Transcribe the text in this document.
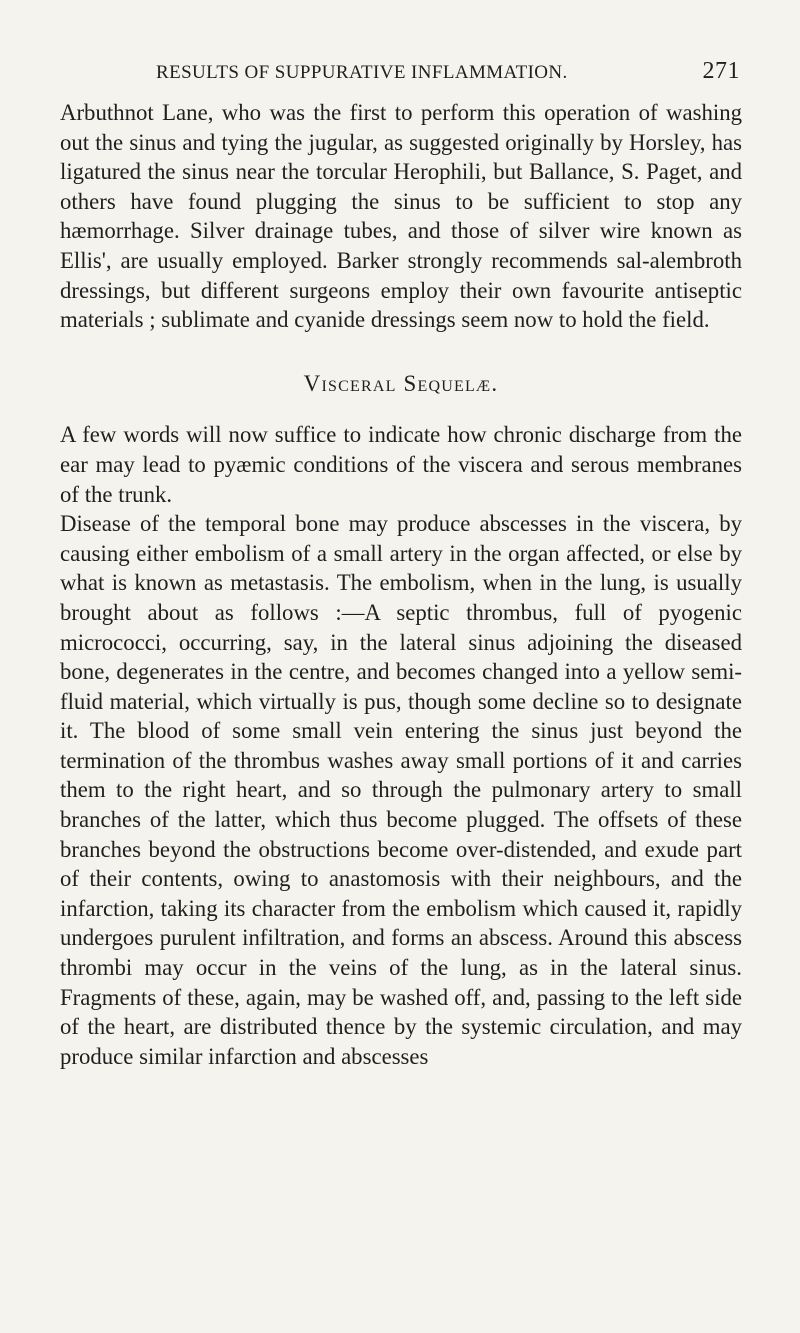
RESULTS OF SUPPURATIVE INFLAMMATION.	271

Arbuthnot Lane, who was the first to perform this operation of washing out the sinus and tying the jugular, as suggested originally by Horsley, has ligatured the sinus near the torcular Herophili, but Ballance, S. Paget, and others have found plugging the sinus to be sufficient to stop any hæmorrhage. Silver drainage tubes, and those of silver wire known as Ellis', are usually employed. Barker strongly recommends sal-alembroth dressings, but different surgeons employ their own favourite antiseptic materials ; sublimate and cyanide dressings seem now to hold the field.

Visceral Sequelæ.

A few words will now suffice to indicate how chronic discharge from the ear may lead to pyæmic conditions of the viscera and serous membranes of the trunk.

Disease of the temporal bone may produce abscesses in the viscera, by causing either embolism of a small artery in the organ affected, or else by what is known as metastasis. The embolism, when in the lung, is usually brought about as follows :—A septic thrombus, full of pyogenic micrococci, occurring, say, in the lateral sinus adjoining the diseased bone, degenerates in the centre, and becomes changed into a yellow semi-fluid material, which virtually is pus, though some decline so to designate it. The blood of some small vein entering the sinus just beyond the termination of the thrombus washes away small portions of it and carries them to the right heart, and so through the pulmonary artery to small branches of the latter, which thus become plugged. The offsets of these branches beyond the obstructions become over-distended, and exude part of their contents, owing to anastomosis with their neighbours, and the infarction, taking its character from the embolism which caused it, rapidly undergoes purulent infiltration, and forms an abscess. Around this abscess thrombi may occur in the veins of the lung, as in the lateral sinus. Fragments of these, again, may be washed off, and, passing to the left side of the heart, are distributed thence by the systemic circulation, and may produce similar infarction and abscesses
